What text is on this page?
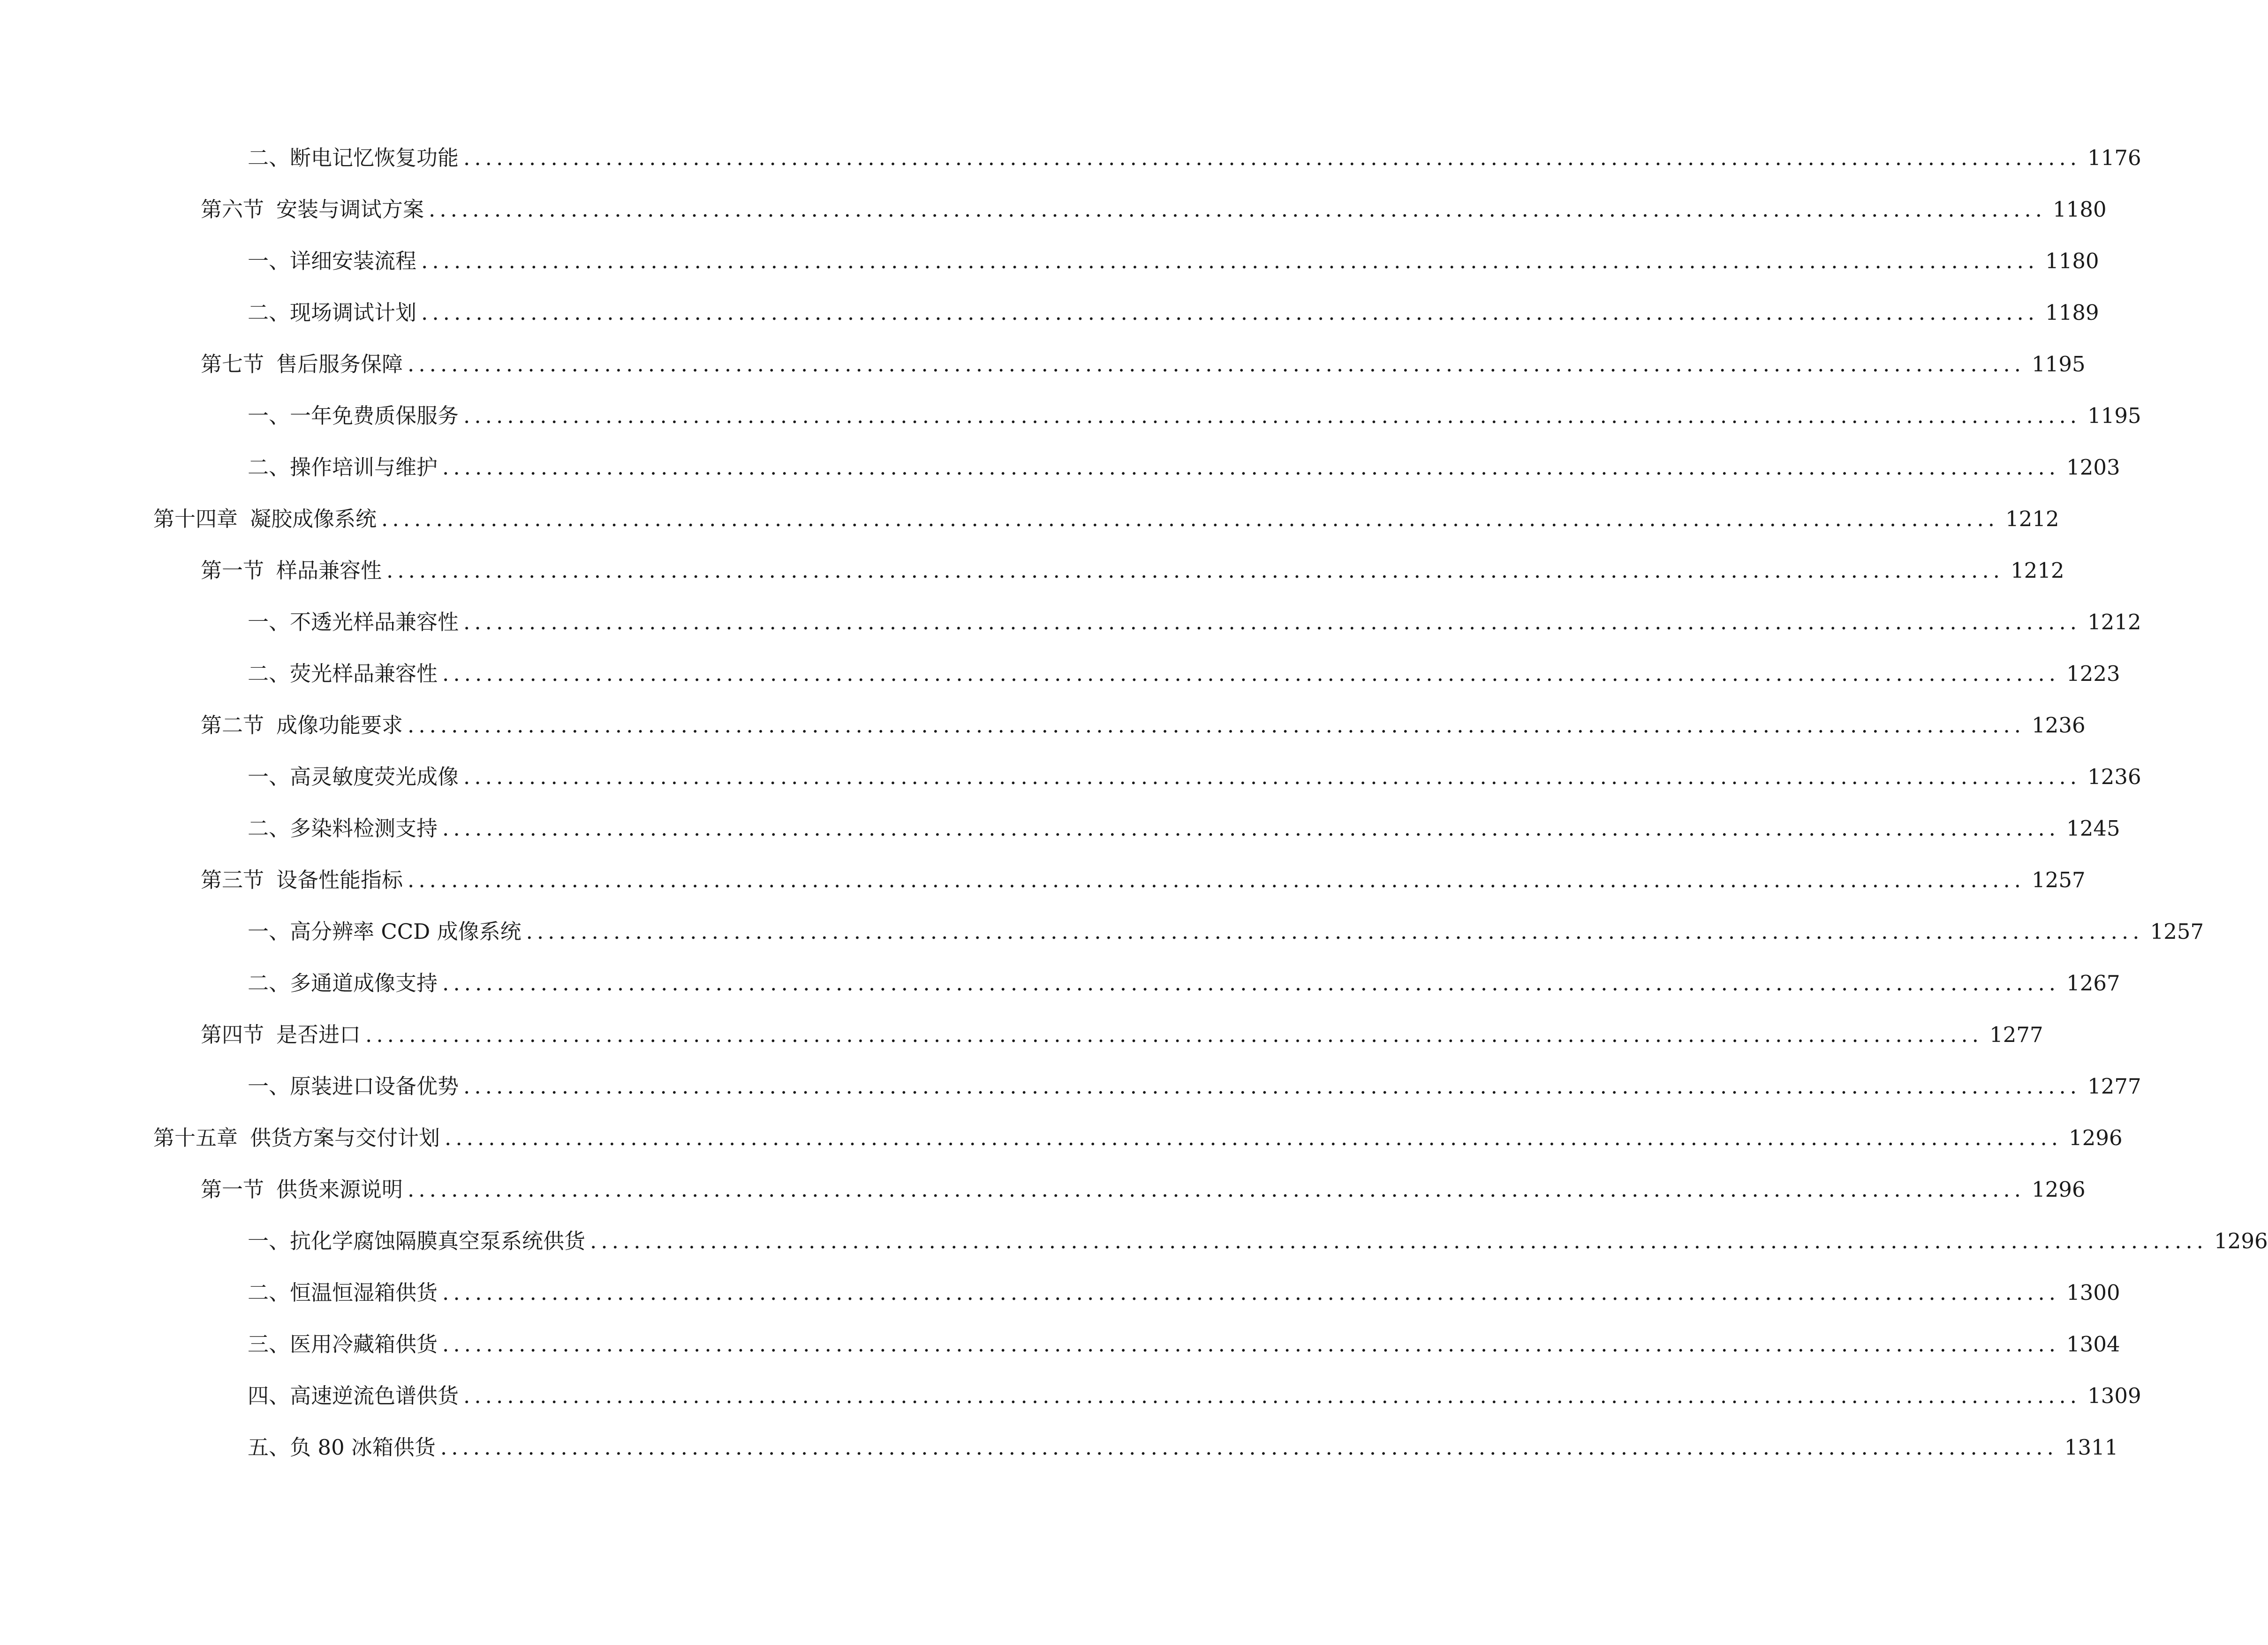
二、 断电记忆恢复功能 .................................................................................................................................................... 1176
第六节 安装与调试方案 .................................................................................................................................................... 1180
一、 详细安装流程 .................................................................................................................................................... 1180
二、 现场调试计划 .................................................................................................................................................... 1189
第七节 售后服务保障 .................................................................................................................................................... 1195
一、 一年免费质保服务 .................................................................................................................................................... 1195
二、 操作培训与维护 .................................................................................................................................................... 1203
第十四章 凝胶成像系统 .................................................................................................................................................... 1212
第一节 样品兼容性 .................................................................................................................................................... 1212
一、 不透光样品兼容性 .................................................................................................................................................... 1212
二、 荧光样品兼容性 .................................................................................................................................................... 1223
第二节 成像功能要求 .................................................................................................................................................... 1236
一、 高灵敏度荧光成像 .................................................................................................................................................... 1236
二、 多染料检测支持 .................................................................................................................................................... 1245
第三节 设备性能指标 .................................................................................................................................................... 1257
一、 高分辨率 CCD 成像系统 .................................................................................................................................................... 1257
二、 多通道成像支持 .................................................................................................................................................... 1267
第四节 是否进口 .................................................................................................................................................... 1277
一、 原装进口设备优势 .................................................................................................................................................... 1277
第十五章 供货方案与交付计划 .................................................................................................................................................... 1296
第一节 供货来源说明 .................................................................................................................................................... 1296
一、 抗化学腐蚀隔膜真空泵系统供货 .................................................................................................................................................... 1296
二、 恒温恒湿箱供货 .................................................................................................................................................... 1300
三、 医用冷藏箱供货 .................................................................................................................................................... 1304
四、 高速逆流色谱供货 .................................................................................................................................................... 1309
五、 负 80 冰箱供货 .................................................................................................................................................... 1311
